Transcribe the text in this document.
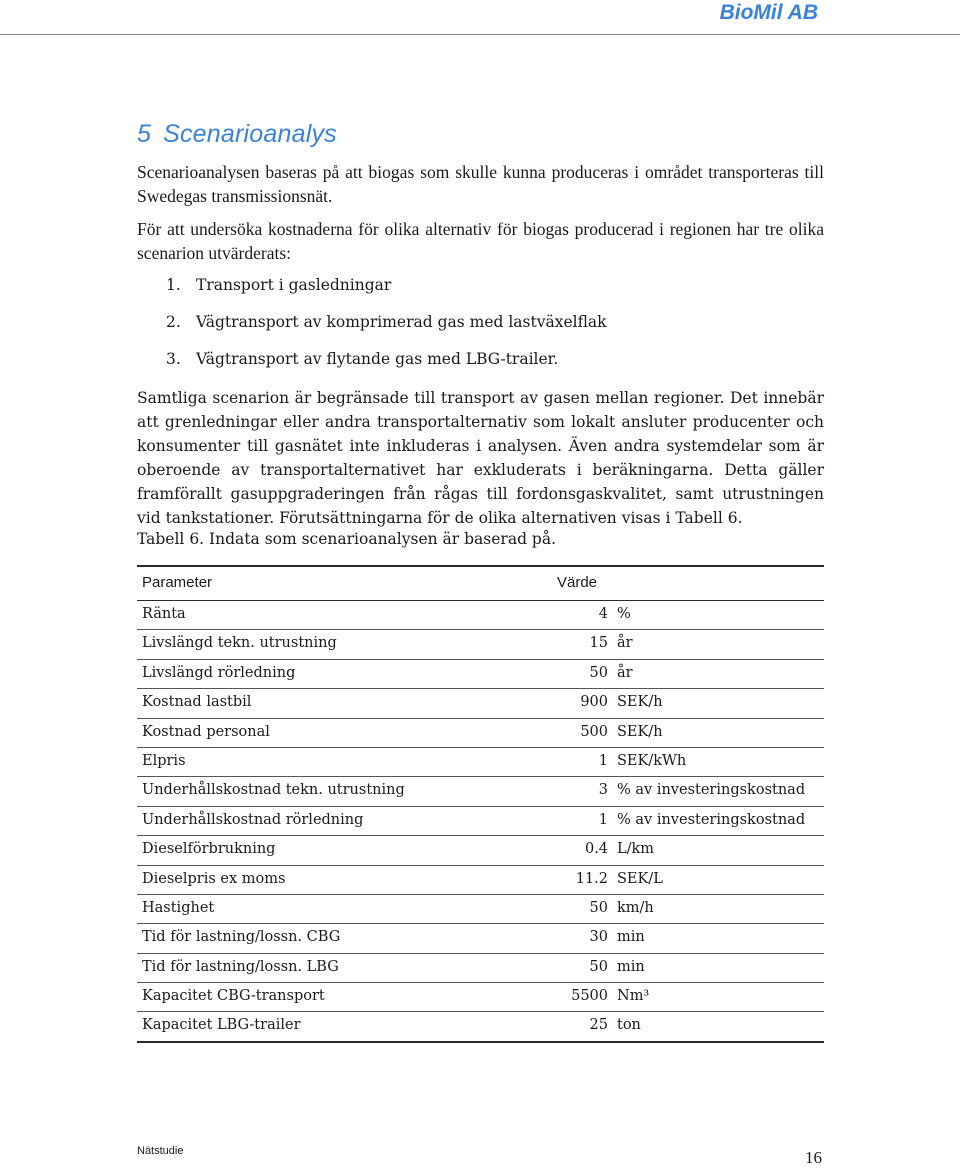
BioMil AB
5 Scenarioanalys

Scenarioanalysen baseras på att biogas som skulle kunna produceras i området transporteras till Swedegas transmissionsnät.

För att undersöka kostnaderna för olika alternativ för biogas producerad i regionen har tre olika scenarion utvärderats:

1. Transport i gasledningar
2. Vägtransport av komprimerad gas med lastväxelflak
3. Vägtransport av flytande gas med LBG-trailer.

Samtliga scenarion är begränsade till transport av gasen mellan regioner. Det innebär att grenledningar eller andra transportalternativ som lokalt ansluter producenter och konsumenter till gasnätet inte inkluderas i analysen. Även andra systemdelar som är oberoende av transportalternativet har exkluderats i beräkningarna. Detta gäller framförallt gasuppgraderingen från rågas till fordonsgaskvalitet, samt utrustningen vid tankstationer. Förutsättningarna för de olika alternativen visas i Tabell 6.

Tabell 6. Indata som scenarioanalysen är baserad på.

Parameter	Värde
Ränta	4 %
Livslängd tekn. utrustning	15 år
Livslängd rörledning	50 år
Kostnad lastbil	900 SEK/h
Kostnad personal	500 SEK/h
Elpris	1 SEK/kWh
Underhållskostnad tekn. utrustning	3 % av investeringskostnad
Underhållskostnad rörledning	1 % av investeringskostnad
Dieselförbrukning	0.4 L/km
Dieselpris ex moms	11.2 SEK/L
Hastighet	50 km/h
Tid för lastning/lossn. CBG	30 min
Tid för lastning/lossn. LBG	50 min
Kapacitet CBG-transport	5500 Nm³
Kapacitet LBG-trailer	25 ton
Nätstudie	16
